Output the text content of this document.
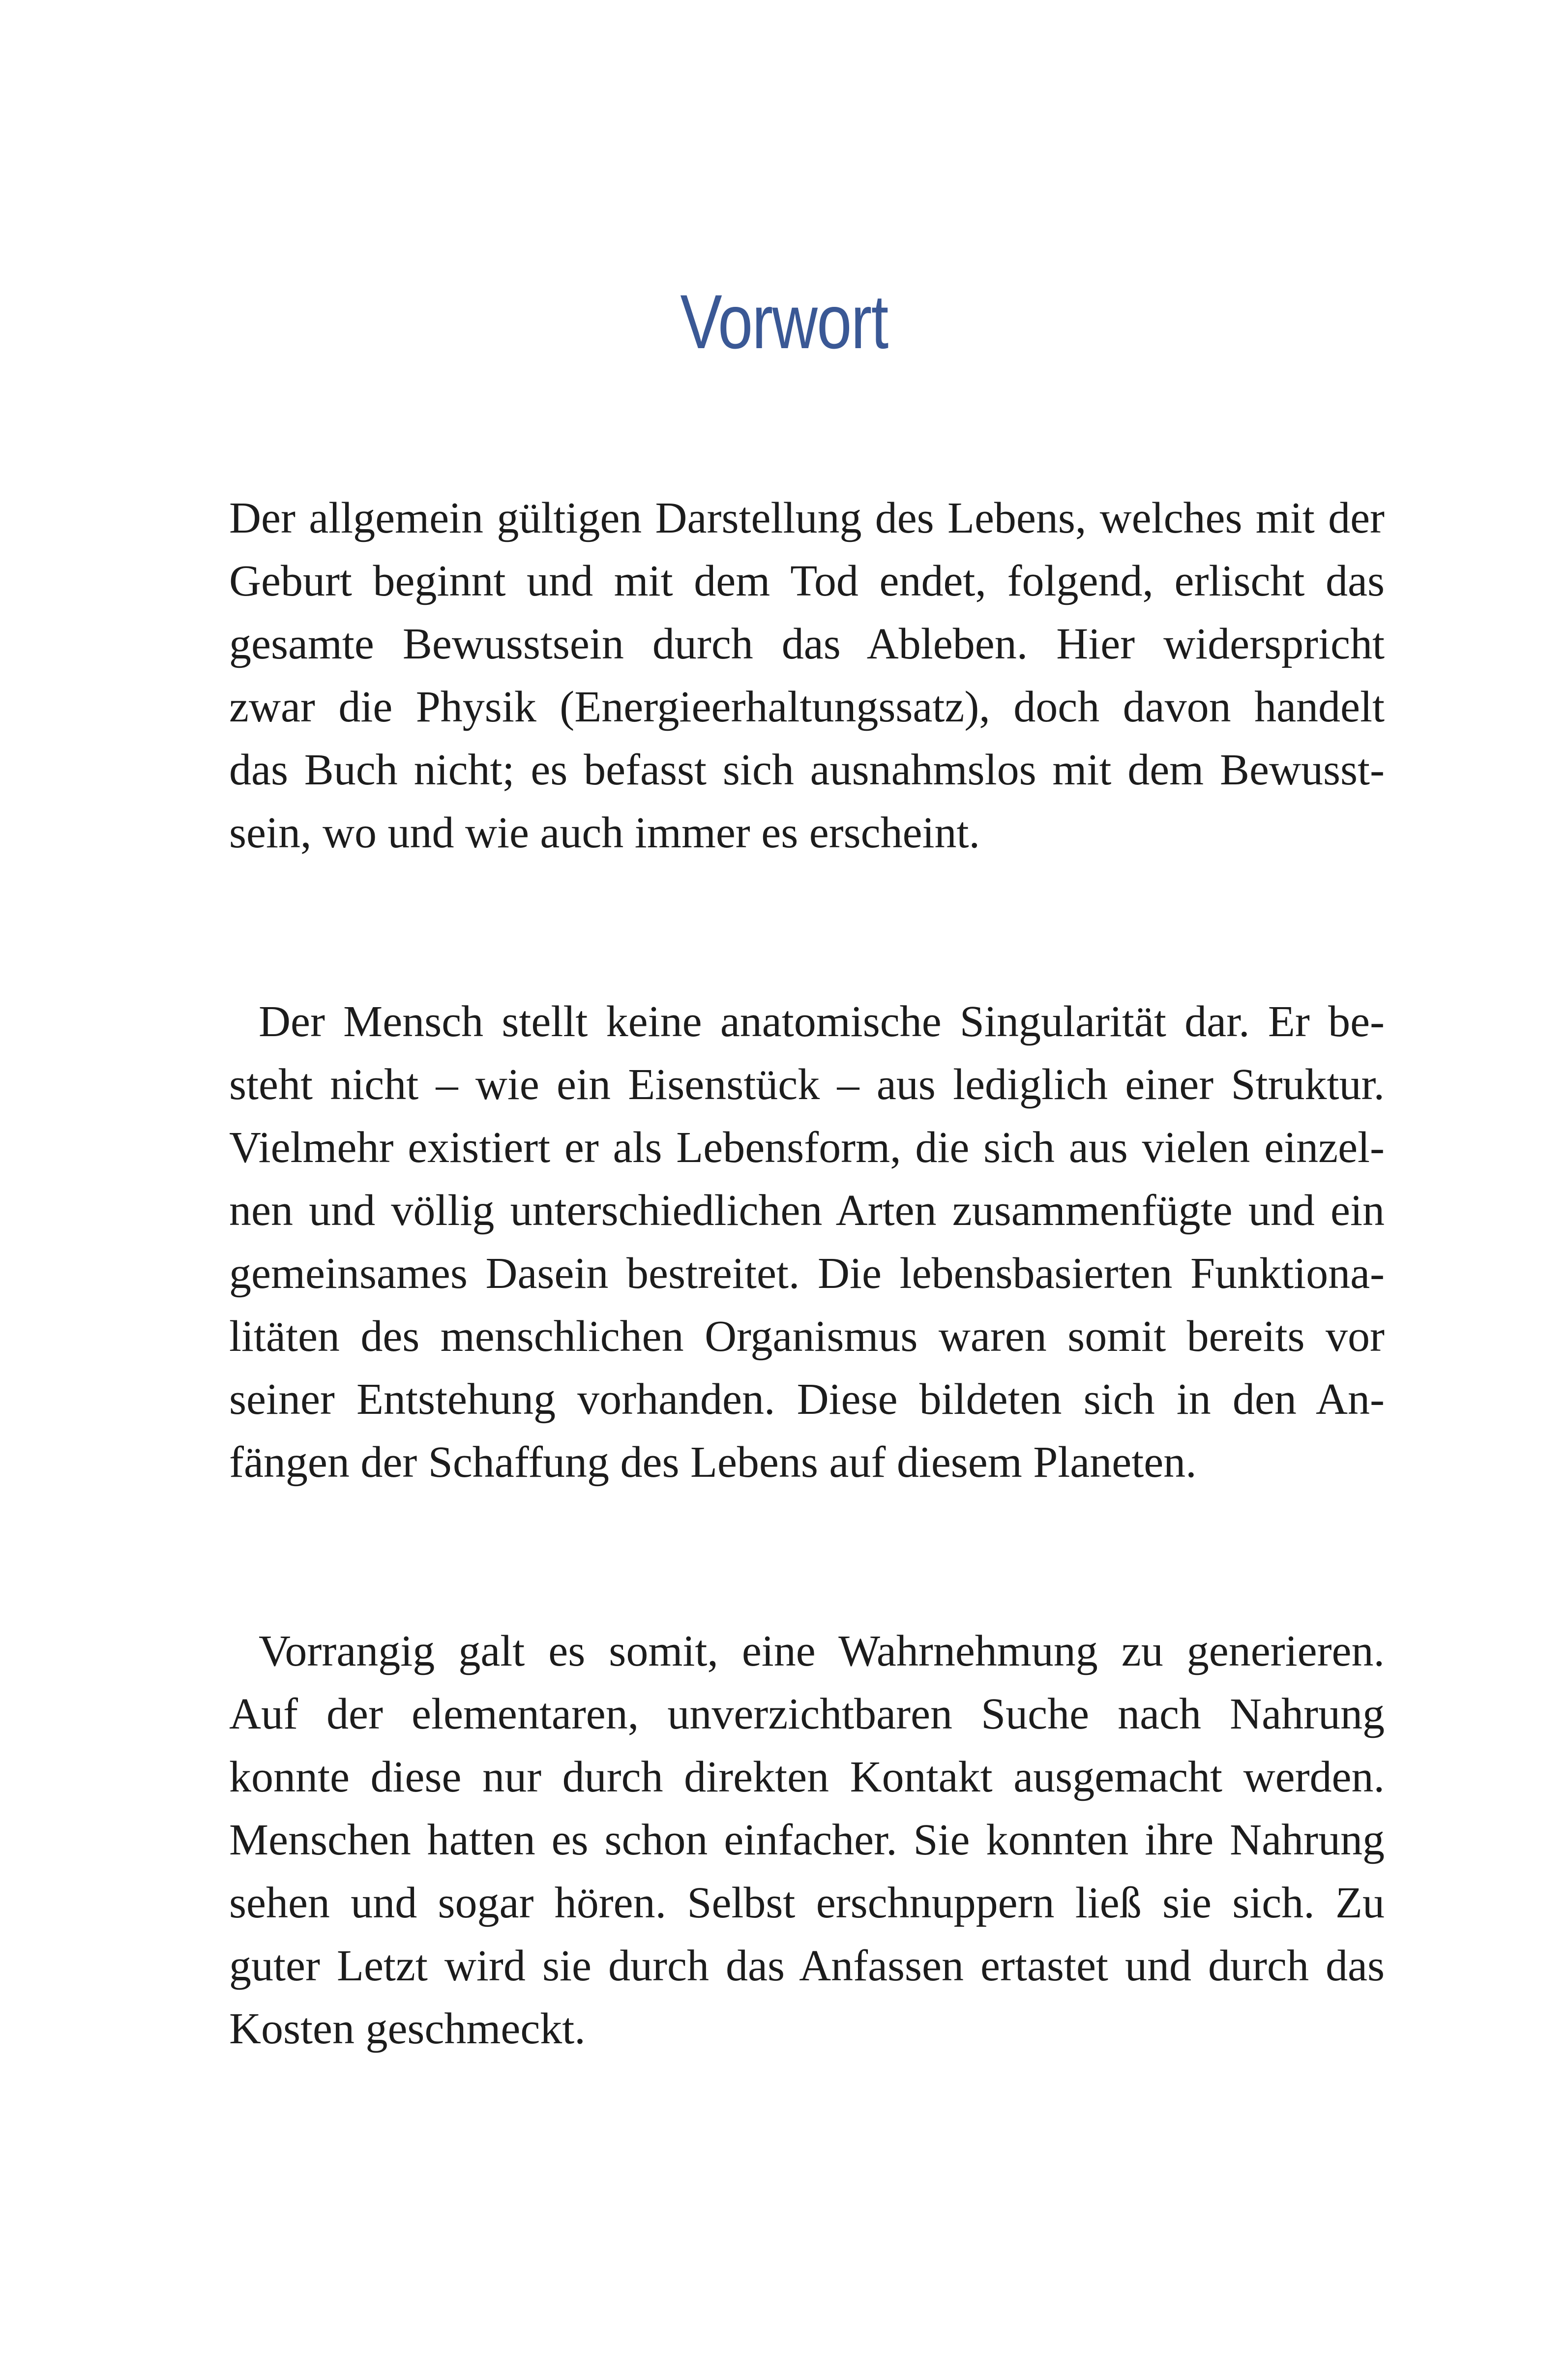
Vorwort
Der allgemein gültigen Darstellung des Lebens, welches mit der
Geburt beginnt und mit dem Tod endet, folgend, erlischt das
gesamte Bewusstsein durch das Ableben. Hier widerspricht
zwar die Physik (Energieerhaltungssatz), doch davon handelt
das Buch nicht; es befasst sich ausnahmslos mit dem Bewusst-
sein, wo und wie auch immer es erscheint.
Der Mensch stellt keine anatomische Singularität dar. Er be-
steht nicht – wie ein Eisenstück – aus lediglich einer Struktur.
Vielmehr existiert er als Lebensform, die sich aus vielen einzel-
nen und völlig unterschiedlichen Arten zusammenfügte und ein
gemeinsames Dasein bestreitet. Die lebensbasierten Funktiona-
litäten des menschlichen Organismus waren somit bereits vor
seiner Entstehung vorhanden. Diese bildeten sich in den An-
fängen der Schaffung des Lebens auf diesem Planeten.
Vorrangig galt es somit, eine Wahrnehmung zu generieren.
Auf der elementaren, unverzichtbaren Suche nach Nahrung
konnte diese nur durch direkten Kontakt ausgemacht werden.
Menschen hatten es schon einfacher. Sie konnten ihre Nahrung
sehen und sogar hören. Selbst erschnuppern ließ sie sich. Zu
guter Letzt wird sie durch das Anfassen ertastet und durch das
Kosten geschmeckt.
